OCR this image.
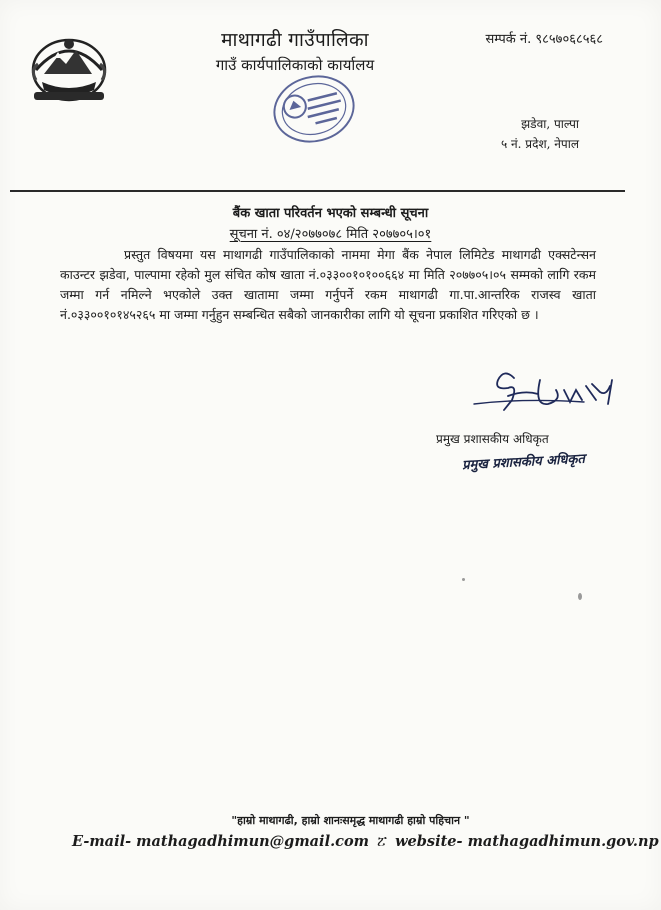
माथागढी गाउँपालिका
गाउँ कार्यपालिकाको कार्यालय
सम्पर्क नं. ९८५७०६८५६८
झडेवा, पाल्पा
५ नं. प्रदेश, नेपाल
बैंक खाता परिवर्तन भएको सम्बन्धी सूचना
सूचना नं. ०४/२०७७०७८ मिति २०७७०५।०१
प्रस्तुत विषयमा यस माथागढी गाउँपालिकाको नाममा मेगा बैंक नेपाल लिमिटेड माथागढी एक्सटेन्सन काउन्टर झडेवा, पाल्पामा रहेको मुल संचित कोष खाता नं.०३३००१०१००६६४ मा मिति २०७७०५।०५ सम्मको लागि रकम जम्मा गर्न नमिल्ने भएकोले उक्त खातामा जम्मा गर्नुपर्ने रकम माथागढी गा.पा.आन्तरिक राजस्व खाता नं.०३३००१०१४५२६५ मा जम्मा गर्नुहुन सम्बन्धित सबैको जानकारीका लागि यो सूचना प्रकाशित गरिएको छ ।
प्रमुख प्रशासकीय अधिकृत
प्रमुख प्रशासकीय अधिकृत
"हाम्रो माथागढी, हाम्रो शानःसमृद्ध माथागढी हाम्रो पहिचान "
E-mail- mathagadhimun@gmail.com ፘ website- mathagadhimun.gov.np
